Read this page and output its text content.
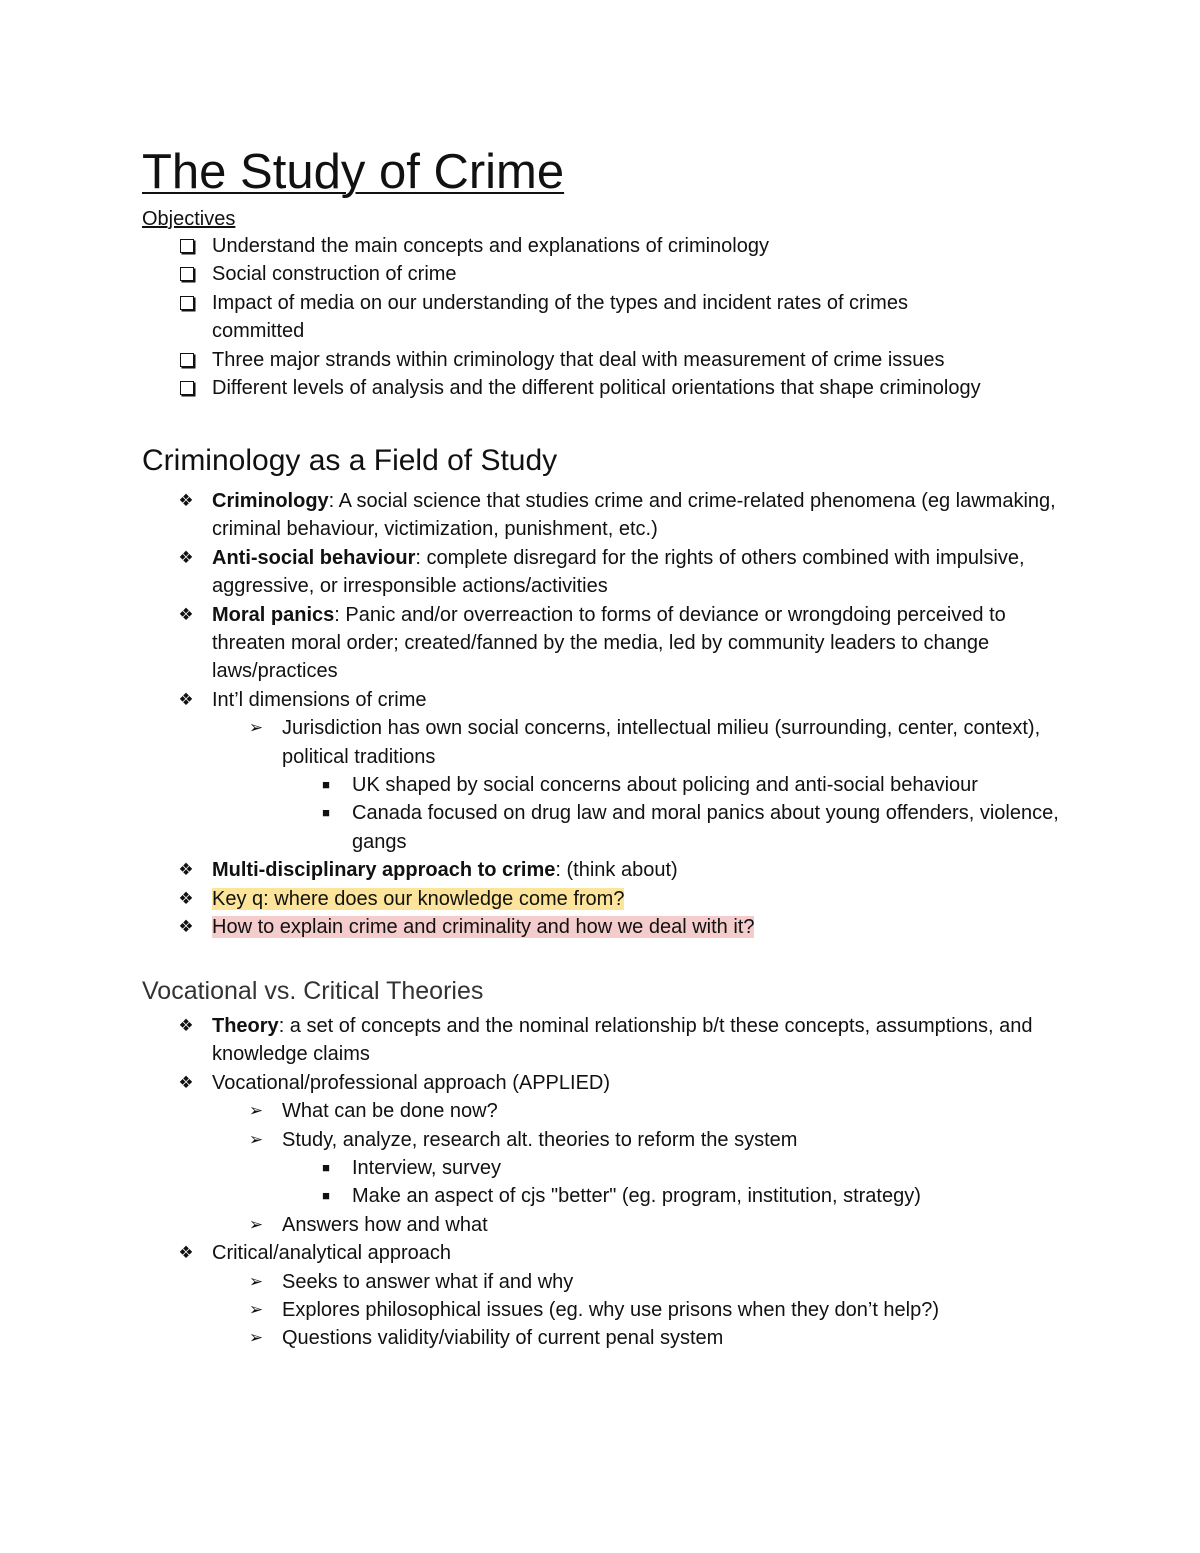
The Study of Crime
Objectives
Understand the main concepts and explanations of criminology
Social construction of crime
Impact of media on our understanding of the types and incident rates of crimes committed
Three major strands within criminology that deal with measurement of crime issues
Different levels of analysis and the different political orientations that shape criminology
Criminology as a Field of Study
❖ Criminology: A social science that studies crime and crime-related phenomena (eg lawmaking, criminal behaviour, victimization, punishment, etc.)
❖ Anti-social behaviour: complete disregard for the rights of others combined with impulsive, aggressive, or irresponsible actions/activities
❖ Moral panics: Panic and/or overreaction to forms of deviance or wrongdoing perceived to threaten moral order; created/fanned by the media, led by community leaders to change laws/practices
❖ Int’l dimensions of crime
➢ Jurisdiction has own social concerns, intellectual milieu (surrounding, center, context), political traditions
■	UK shaped by social concerns about policing and anti-social behaviour
■	Canada focused on drug law and moral panics about young offenders, violence, gangs
❖ Multi-disciplinary approach to crime: (think about)
❖ Key q: where does our knowledge come from?
❖ How to explain crime and criminality and how we deal with it?
Vocational vs. Critical Theories
❖ Theory: a set of concepts and the nominal relationship b/t these concepts, assumptions, and knowledge claims
❖ Vocational/professional approach (APPLIED)
➢ What can be done now?
➢ Study, analyze, research alt. theories to reform the system
■	Interview, survey
■	Make an aspect of cjs "better" (eg. program, institution, strategy)
➢ Answers how and what
❖ Critical/analytical approach
➢ Seeks to answer what if and why
➢ Explores philosophical issues (eg. why use prisons when they don’t help?)
➢ Questions validity/viability of current penal system
